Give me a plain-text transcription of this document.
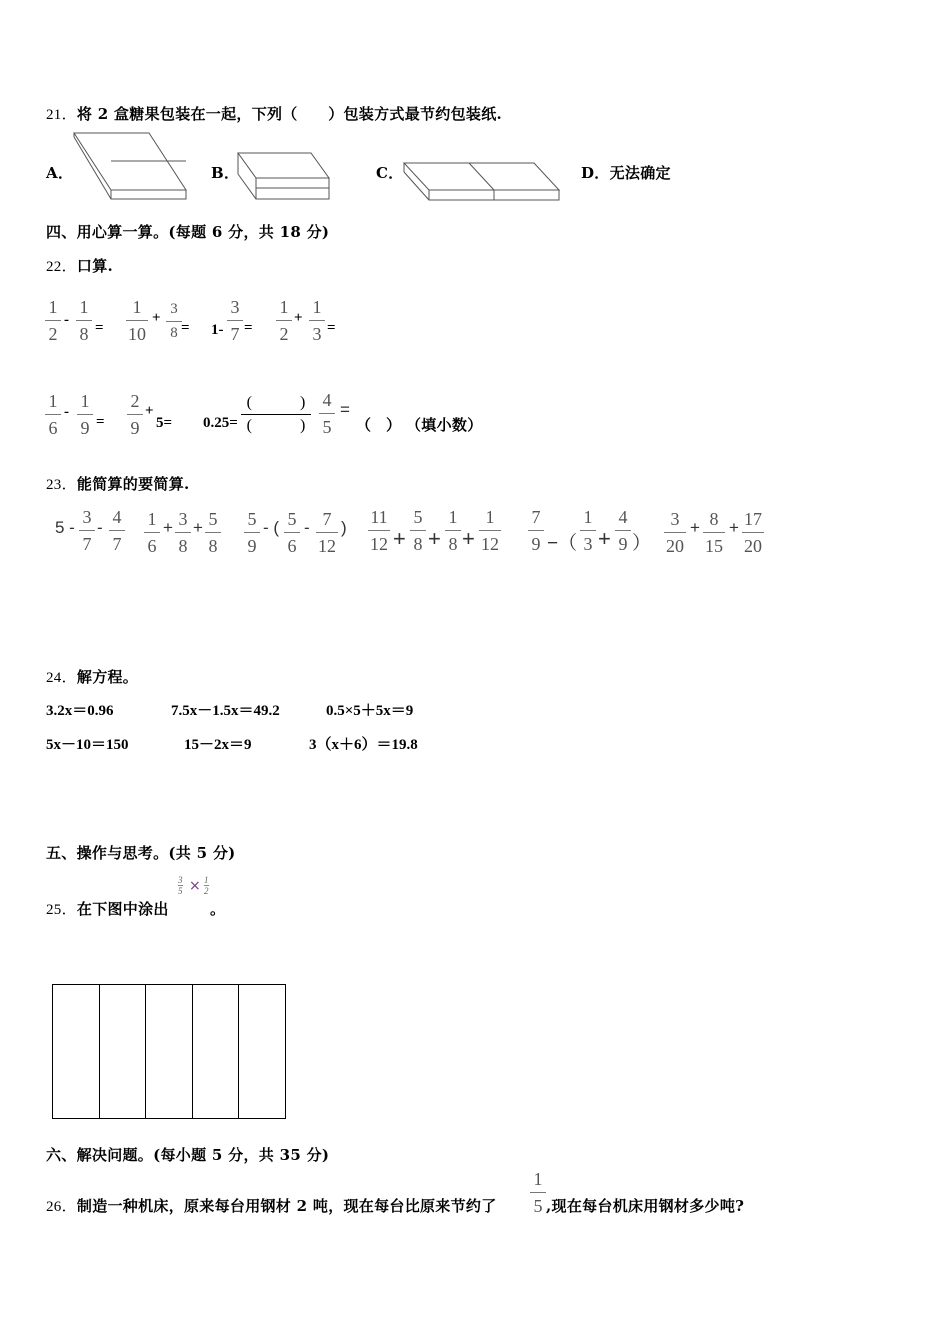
21．将 2 盒糖果包装在一起，下列（　　）包装方式最节约包装纸.
A．	B．	C．	D．无法确定
四、用心算一算。(每题 6 分，共 18 分)
22．口算.
$\frac{1}{2} - \frac{1}{8} = \frac{1}{10} + \frac{3}{8} = 1- \frac{3}{7} = \frac{1}{2} + \frac{1}{3}$ =
$\frac{1}{6} - \frac{1}{9} = \frac{2}{9}$ +
5= 0.25=
(　　　)
(　　　) $\frac{4}{5}$ =
（　） （填小数）
23．能简算的要简算.
$5 - \frac{3}{7} - \frac{4}{7} \frac{1}{6} + \frac{3}{8} + \frac{5}{8} \frac{5}{9}$ - ( $\frac{5}{6} - \frac{7}{12}$ ) $\frac{11}{12} + \frac{5}{8} + \frac{1}{8} + \frac{1}{12} \frac{7}{9}$ −（ $\frac{1}{3} + \frac{4}{9}$ ） $\frac{3}{20} + \frac{8}{15} + \frac{17}{20}$
24．解方程。
3.2x＝0.96	7.5x－1.5x＝49.2	0.5×5＋5x＝9
5x－10＝150	15－2x＝9	3（x＋6）＝19.8
五、操作与思考。(共 5 分)
25．在下图中涂出
3
5 × 1
2
。
六、解决问题。(每小题 5 分，共 35 分)
26．制造一种机床，原来每台用钢材 2 吨，现在每台比原来节约了 $\frac{1}{5}$ ,现在每台机床用钢材多少吨?
